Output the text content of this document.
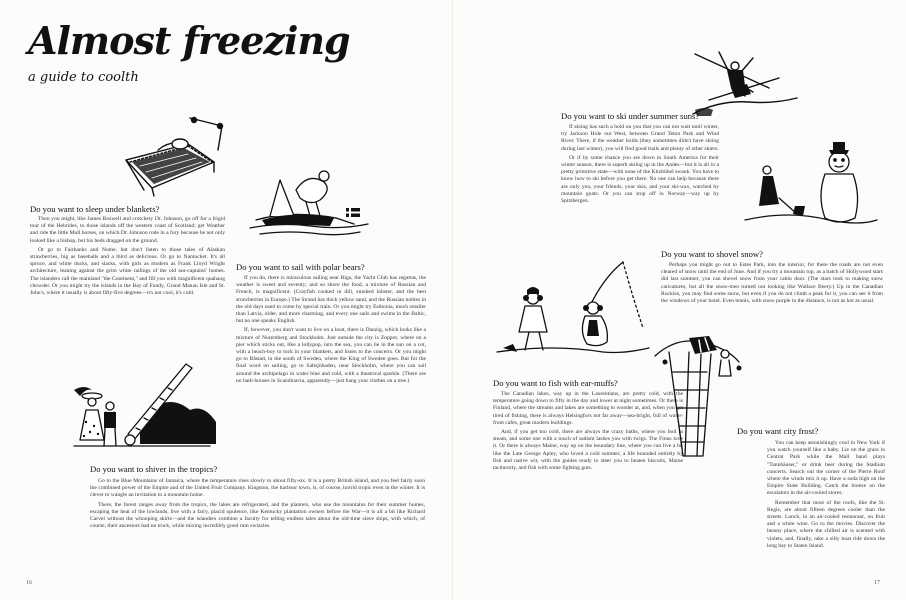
Almost freezing
a guide to coolth
Do you want to sleep under blankets?

Then you might, like James Boswell and crotchety Dr. Johnson, go off for a frigid tour of the Hebrides, to those islands off the western coast of Scotland; get Weather and ride the little Mull horses, on which Dr. Johnson rode in a fury because he not only looked like a bishop, but his beds dragged on the ground.

Or go to Fairbanks and Nome, but don't listen to those tales of Alaskan strawberries, big as baseballs and a third as delicious. Or go to Nantucket. It's all spruce, and white ducks, and slacks, with girls as modern as Frank Lloyd Wright architecture, leaning against the grim white railings of the old sea-captains' homes. The islanders call the mainland "the Continent," and fill you with magnificent quahaug chowder. Or you might try the islands in the Bay of Fundy, Grand Manan Isle and St. John's, where it usually is about fifty-five degrees—it's not cool, it's cold.

Do you want to sail with polar bears?

If you do, there is miraculous sailing near Riga, the Yacht Club has regattas, the weather is sweet and seventy; and so shore the food, a mixture of Russian and French, is magnificent. (Crayfish cooked in dill, smoked lobster, and the best strawberries in Europe.) The Strand has thick yellow sand, and the Russian nobles in the old days used to come by special train. Or you might try Esthonia, much smaller than Latvia, older, and more charming, and every one sails and swims in the Baltic, but no one speaks English.

If, however, you don't want to live on a boat, there is Danzig, which looks like a mixture of Nuremberg and Stockholm. Just outside the city is Zoppot, where on a pier which sticks out, like a lollypop, into the sea, you can lie in the sun on a cot, with a beach-boy to tuck in your blankets, and listen to the concerts. Or you might go to Båstad, in the south of Sweden, where the King of Sweden goes. But for the final word on sailing, go to Saltsjöbaden, near Stockholm, where you can sail around the archipelago in water blue and cold, with a theatrical sparkle. (There are no bath-houses in Scandinavia, apparently—just hang your clothes on a tree.)

Do you want to shiver in the tropics?

Go to the Blue Mountains of Jamaica, where the temperature rises slowly to about fifty-six. It is a pretty British island, and you feel fairly soon the combined power of the Empire and of the United Fruit Company. Kingston, the harbour town, is, of course, horrid tropic even in the winter. It is clever to wangle an invitation to a mountain home.

There, the forest ranges away from the tropics, the lakes are refrigerated, and the planters, who use the mountains for their summer homes, escaping the heat of the lowlands, live with a fairy, placid opulence, like Kentucky plantation owners before the War—it is all a bit like Richard Carvel without the whooping skirts—and the islanders combine a faculty for telling endless tales about the old-time slave ships, with which, of course, their ancestors had no truck, while mixing incredibly good rum swizzles.

16
Do you want to ski under summer suns?

If skiing has such a hold on you that you can not wait until winter, try Jackson Hole out West, between Grand Teton Park and Wind River. There, if the weather holds (they sometimes didn't have skiing during last winter), you will find good trails and plenty of other skiers.

Or if by some chance you are down in South America for their winter season, there is superb skiing up in the Andes—but it is all in a pretty primitive state—with none of the Kitzbühel swank. You have to know how to ski before you get there. No one can help because there are only you, your friends, your skis, and your ski-wax, watched by mountain goats. Or you can stop off in Norway—way up by Spitzbergen.

Do you want to shovel snow?

Perhaps you might go out to Estes Park, into the interior, for there the roads are not even cleared of snow until the end of June. And if you try a mountain top, as a batch of Hollywood stars did last summer, you can shovel snow from your cabin door. (The stars took to making snow caricatures, but all the snow-men turned out looking like Wallace Beery.) Up in the Canadian Rockies, you may find some snow, but even if you do not climb a peak for it, you can see it from the windows of your hotel. Even tennis, with snow purple in the distance, is not as hot as usual.

Do you want to fish with ear-muffs?

The Canadian lakes, way up in the Laurentians, are pretty cold, with the temperature going down to fifty in the day and lower at night sometimes. Or there is Finland, where the streams and lakes are something to wonder at, and, when you get tired of fishing, there is always Helsingfors not far away—sea-bright, full of water-front cafés, great modern buildings.

And, if you get too cold, there are always the crazy baths, where you boil in steam, and some one with a touch of sadism lashes you with twigs. The Finns love it. Or there is always Maine, way up on the boundary line, where you can live a bit like the Late George Apley, who loved a cold summer, a life bounded entirely by fish and native wit, with the guides ready to steer you to beaten biscuits, Maine taciturnity, and fish with some fighting guts.

Do you want city frost?

You can keep astonishingly cool in New York if you watch yourself like a baby. Lie on the grass in Central Park while the Mall band plays "Tannhäuser," or drink beer during the Stadium concerts. Search out the corner of the Pierre Roof where the winds mix it up. Have a soda high on the Empire State Building. Catch the breeze on the escalators in the air-cooled stores.

Remember that most of the roofs, like the St. Regis, are about fifteen degrees cooler than the streets. Lunch, in an air-cooled restaurant, on fruit and a white wine. Go to the movies. Discover the beauty place, where the chilled air is scented with violets, and, finally, take a silly boat ride down the long bay to Staten Island.

17
